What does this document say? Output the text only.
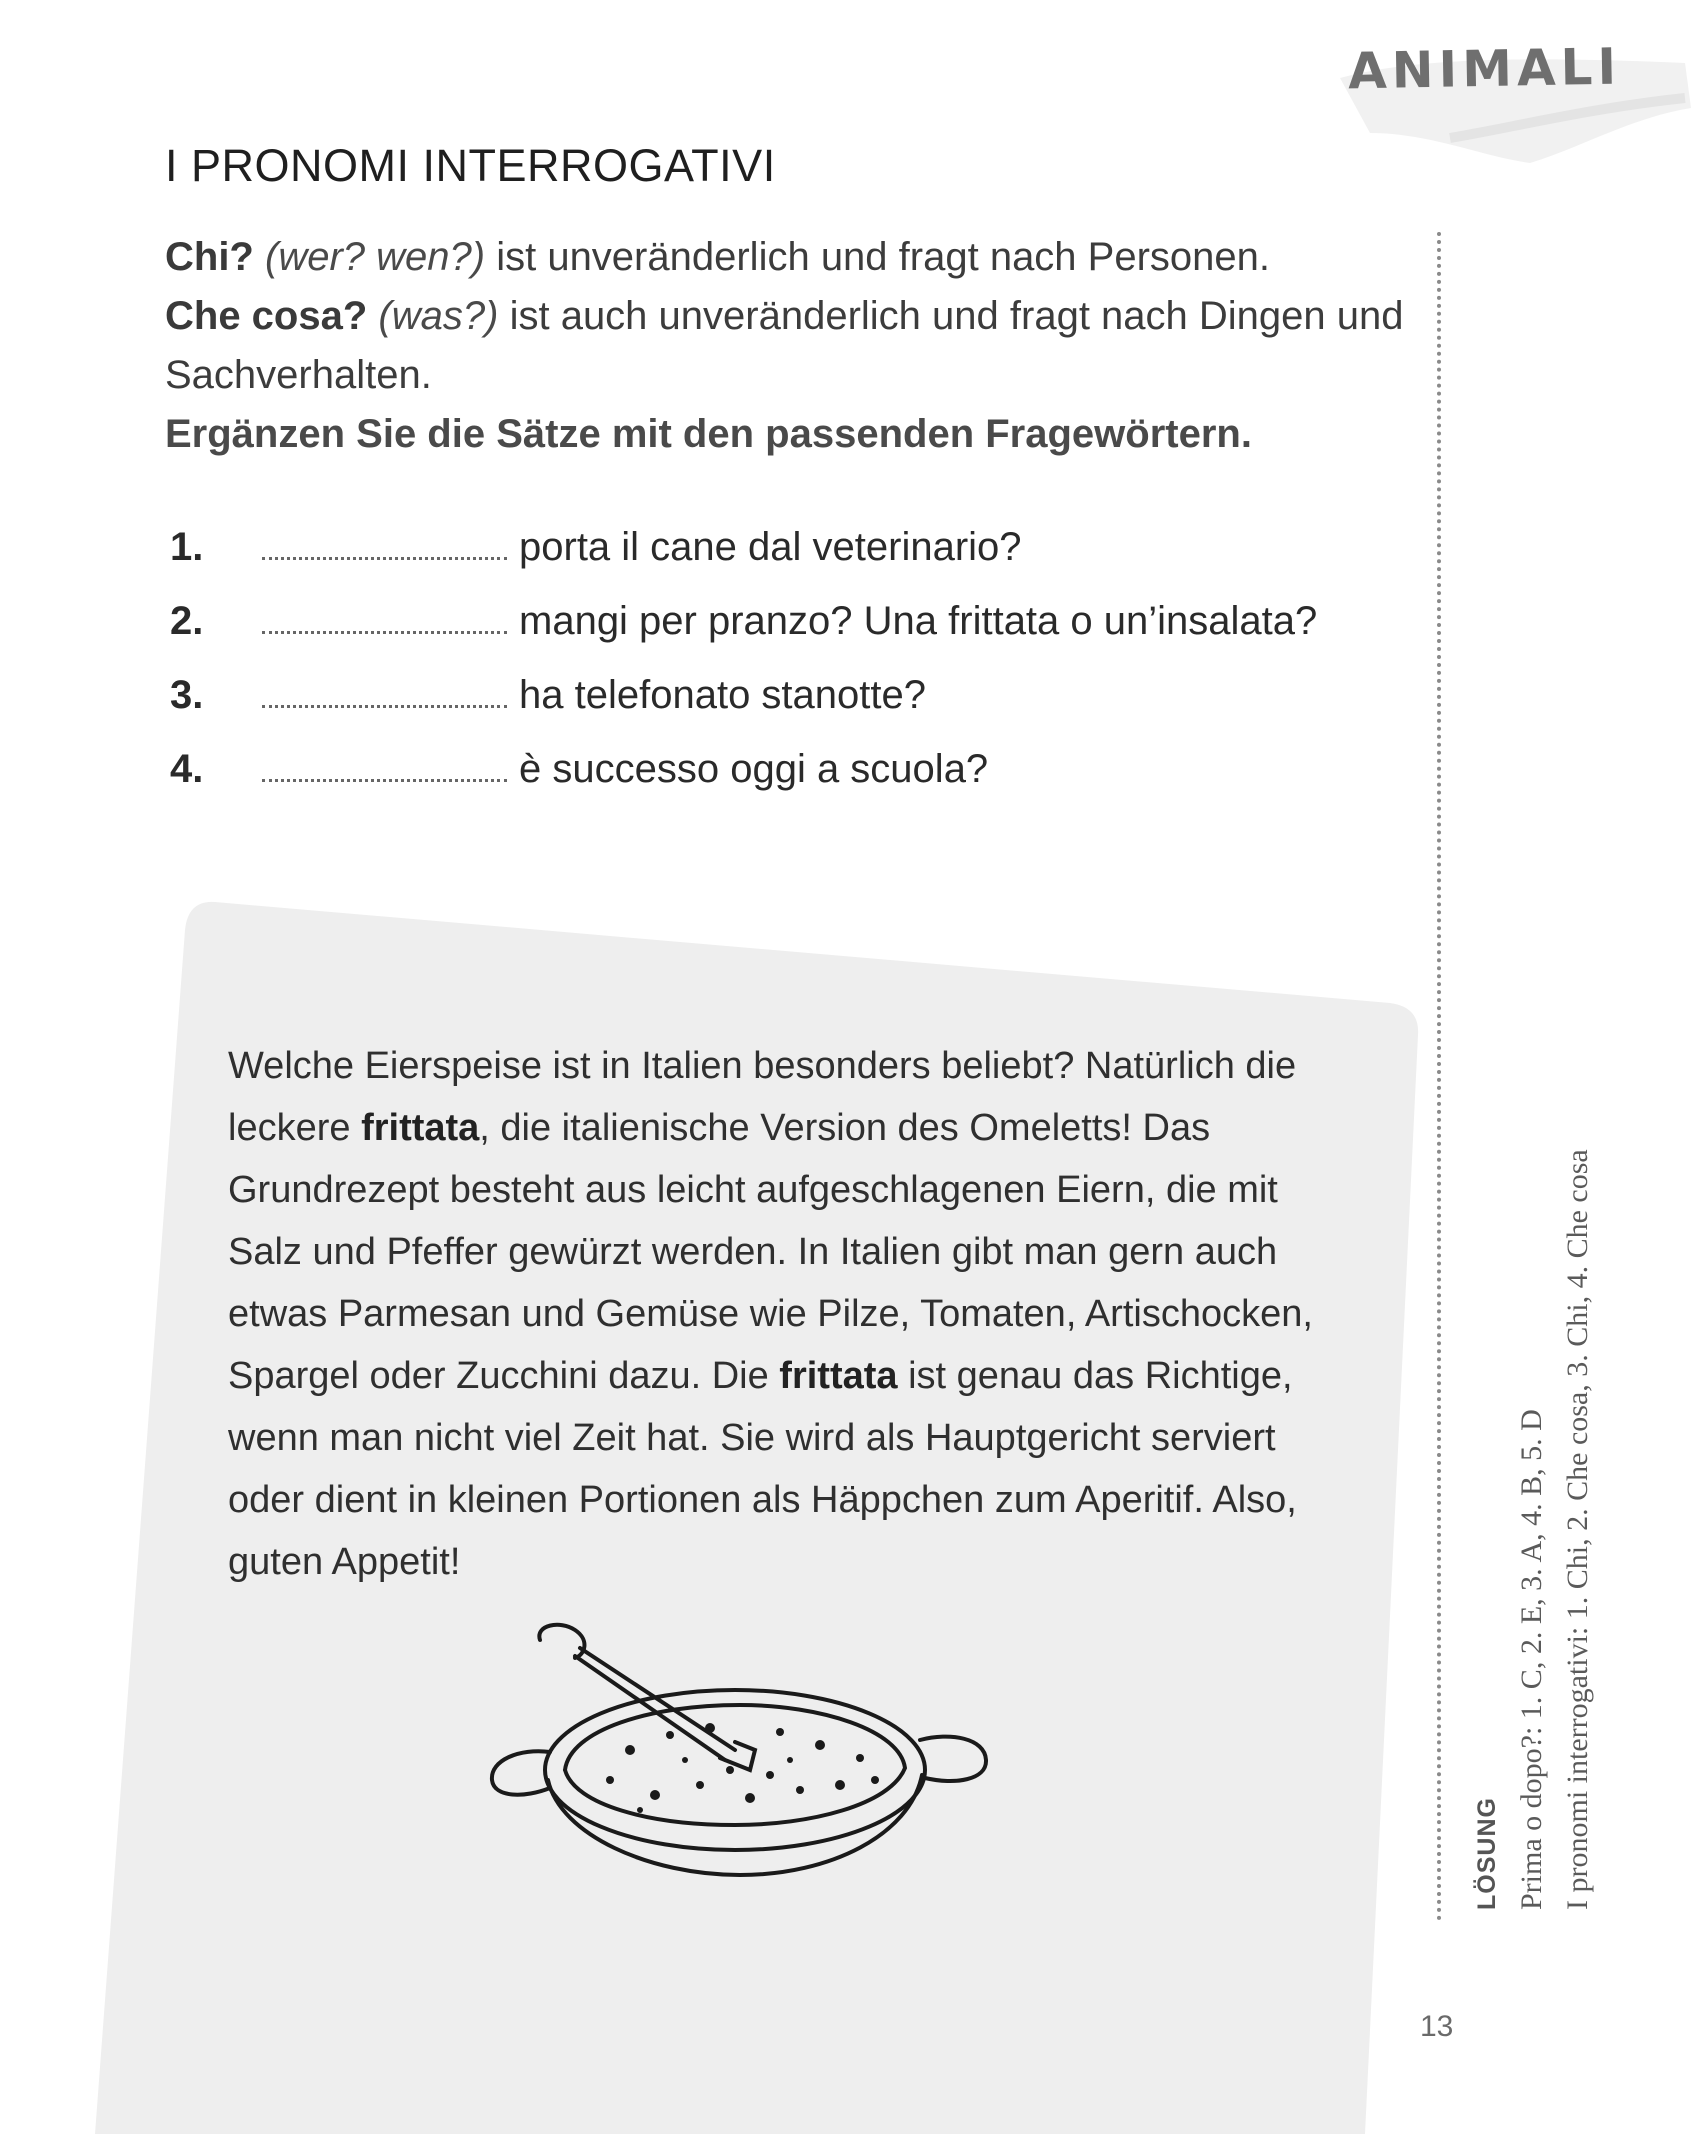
ANIMALI
I PRONOMI INTERROGATIVI

Chi? (wer? wen?) ist unveränderlich und fragt nach Personen.

Che cosa? (was?) ist auch unveränderlich und fragt nach Dingen und Sachverhalten.

Ergänzen Sie die Sätze mit den passenden Fragewörtern.

1.	porta il cane dal veterinario?
2.	mangi per pranzo? Una frittata o un’insalata?
3.	ha telefonato stanotte?
4.	è successo oggi a scuola?
Welche Eierspeise ist in Italien besonders beliebt? Natürlich die leckere frittata, die italienische Version des Omeletts! Das Grundrezept besteht aus leicht aufgeschlagenen Eiern, die mit Salz und Pfeffer gewürzt werden. In Italien gibt man gern auch etwas Parmesan und Gemüse wie Pilze, Tomaten, Artischocken, Spargel oder Zucchini dazu. Die frittata ist genau das Richtige, wenn man nicht viel Zeit hat. Sie wird als Hauptgericht serviert oder dient in kleinen Portionen als Häppchen zum Aperitif. Also, guten Appetit!
LÖSUNG Prima o dopo?: 1. C, 2. E, 3. A, 4. B, 5. D I pronomi interrogativi: 1. Chi, 2. Che cosa, 3. Chi, 4. Che cosa
13
